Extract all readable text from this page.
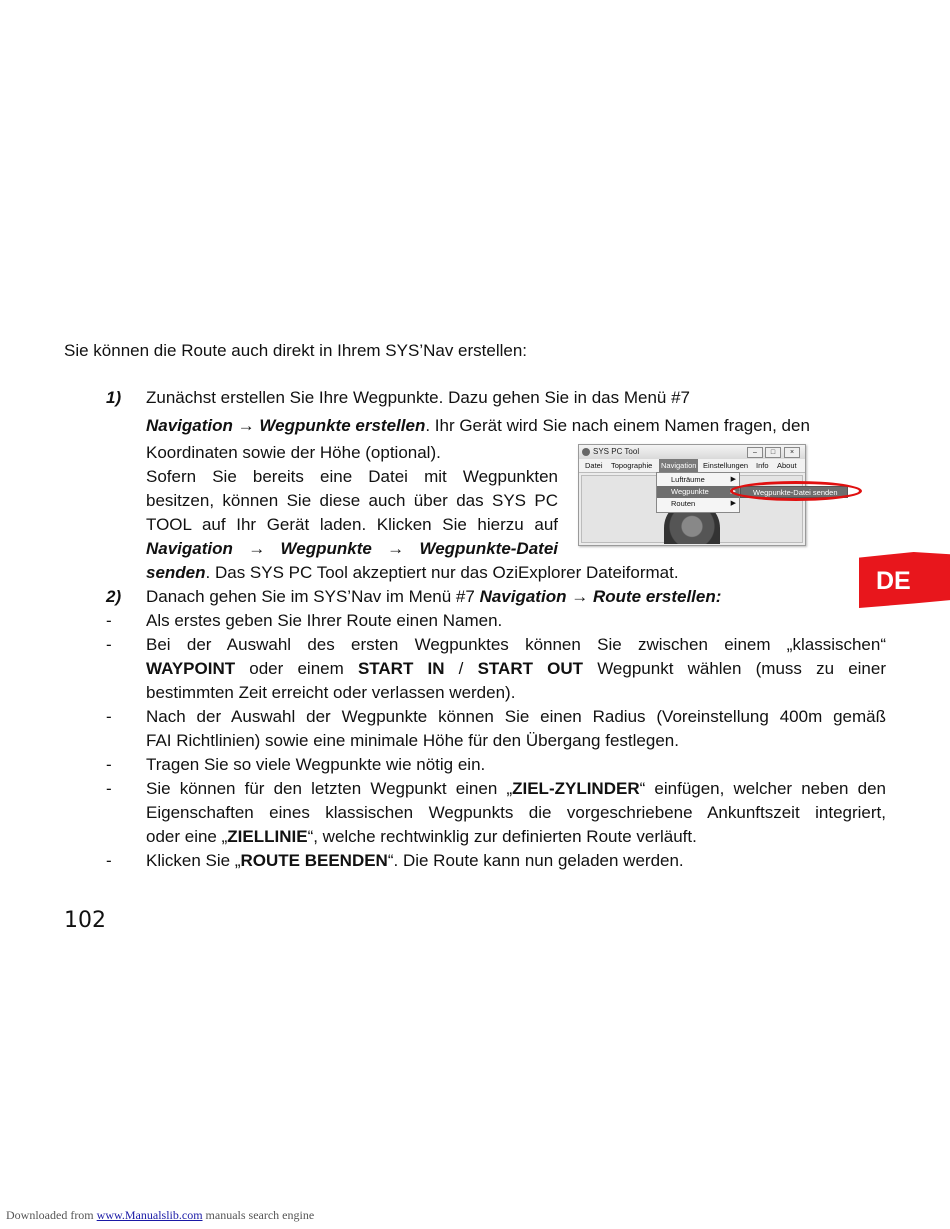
Sie können die Route auch direkt in Ihrem SYS’Nav erstellen:
1) Zunächst erstellen Sie Ihre Wegpunkte. Dazu gehen Sie in das Menü #7
Navigation → Wegpunkte erstellen. Ihr Gerät wird Sie nach einem Namen fragen, den
Koordinaten sowie der Höhe (optional).
Sofern Sie bereits eine Datei mit Wegpunkten
besitzen, können Sie diese auch über das SYS PC
TOOL auf Ihr Gerät laden. Klicken Sie hierzu auf
Navigation → Wegpunkte → Wegpunkte-Datei
senden. Das SYS PC Tool akzeptiert nur das OziExplorer Dateiformat.
SYS PC Tool	–	□	×
Datei Topographie Navigation Einstellungen Info About
Lufträume	▶
Wegpunkte	▶
Routen	▶
Wegpunkte-Datei senden
DE
2) Danach gehen Sie im SYS’Nav im Menü #7 Navigation → Route erstellen:
- Als erstes geben Sie Ihrer Route einen Namen.
- Bei der Auswahl des ersten Wegpunktes können Sie zwischen einem „klassischen“
WAYPOINT oder einem START IN / START OUT Wegpunkt wählen (muss zu einer
bestimmten Zeit erreicht oder verlassen werden).
- Nach der Auswahl der Wegpunkte können Sie einen Radius (Voreinstellung 400m gemäß
FAI Richtlinien) sowie eine minimale Höhe für den Übergang festlegen.
- Tragen Sie so viele Wegpunkte wie nötig ein.
- Sie können für den letzten Wegpunkt einen „ZIEL-ZYLINDER“ einfügen, welcher neben den
Eigenschaften eines klassischen Wegpunkts die vorgeschriebene Ankunftszeit integriert,
oder eine „ZIELLINIE“, welche rechtwinklig zur definierten Route verläuft.
- Klicken Sie „ROUTE BEENDEN“. Die Route kann nun geladen werden.
102
Downloaded from www.Manualslib.com manuals search engine
